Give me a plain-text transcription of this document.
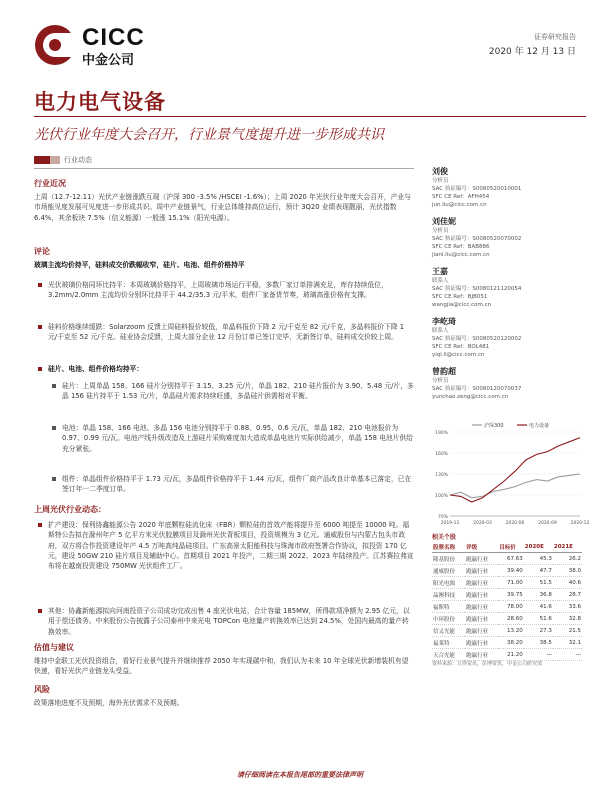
CICC
中金公司
证券研究报告
2020 年 12 月 13 日
电力电气设备
光伏行业年度大会召开，行业景气度提升进一步形成共识
行业动态
行业近况
上周（12.7-12.11）光伏产业链涨跌互现（沪深 300 -3.5% /HSCEI -1.6%）；上周 2020 年光伏行业年度大会召开，产业与市场能见度发展可见度进一步形成共识。周中产业链景气，行业总体维持高位运行，预计 3Q20 业绩表现靓丽，光伏指数 6.4%，其余板块 7.5%（信义能源）一般涨 15.1%（阳光电源）。
评论
玻璃主流均价持平，硅料成交价跌幅收窄，硅片、电池、组件价格持平
光伏玻璃价格同环比持平：本周玻璃价格持平，上周玻璃市场运行平稳，多数厂家订单排满充足，库存持续低位，3.2mm/2.0mm 主流均价分别环比持平于 44.2/35.3 元/平米，组件厂家备货节奏，玻璃高涨价格有支撑。
硅料价格继续缓跌：Solarzoom 反馈上周硅料报价较低，单晶料报价下降 2 元/千克至 82 元/千克，多晶料报价下降 1 元/千克至 52 元/千克。硅业协会反馈，上周大部分企业 12 月份订单已签订完毕，无新签订单，硅料成交价较上周。
硅片、电池、组件价格均持平：
硅片：上周单晶 158、166 硅片分别持平于 3.15、3.25 元/片，单晶 182、210 硅片报价为 3.90、5.48 元/片，多晶 156 硅片持平于 1.53 元/片，单晶硅片需求持续旺盛，多晶硅片供需相对平衡。
电池：单晶 158、166 电池、多晶 156 电池分别持平于 0.88、0.95、0.6 元/瓦，单晶 182、210 电池报价为 0.97、0.99 元/瓦。电池产线升级改造及上游硅片采购难度加大造成单晶电池片实际供给减少，单晶 158 电池片供给充分紧张。
组件：单晶组件价格持平于 1.73 元/瓦，多晶组件价格持平于 1.44 元/瓦，组件厂商产品改良计单基本已落定，已在签订年一二季度订单。
上周光伏行业动态：
扩产建设：保利协鑫能源公告 2020 年底颗粒硅流化床（FBR）颗粒硅的首效产能将提升至 6000 吨提至 10000 吨。福斯特公告拟在滁州年产 5 亿平方米光伏胶膜项目及滁州光伏背板项目，投资规模为 3 亿元。通威股份与内蒙古包头市政府，双方将合作投资建设年产 4.5 万吨高纯晶硅项目。广东高景太阳能科技与珠海市政府签署合作协议，拟投资 170 亿元，建设 50GW 210 硅片项目及辅助中心。首期项目 2021 年投产，二期三期 2022、2023 年陆续投产。江苏赛拉弗宣布将在越南投资建设 750MW 光伏组件工厂。
其他：协鑫新能源拟向河南投资子公司成功完成出售 4 座光伏电站，合计容量 185MW，所得款项净额为 2.95 亿元，以用于偿还债务。中来股份公告披露子公司泰州中来光电 TOPCon 电池量产转换效率已达到 24.5%，处国内最高的量产转换效率。
估值与建议
维持中金联工光伏投资组合，看好行业景气提升并继续推荐 2050 年实现碳中和，我们认为未来 10 年全球光伏新增装机有望快速，看好光伏产业链龙头受益。
风险
政策落地进度不及预期，海外光伏需求不及预期。
刘俊
分析员
SAC 执证编号：S0080520010001
SFC CE Ref：AFH454
jun.liu@cicc.com.cn
刘佳妮
分析员
SAC 执证编号：S0080520070002
SFC CE Ref：BAB886
jiani.liu@cicc.com.cn
王嘉
联系人
SAC 执证编号：S0080121120054
SFC CE Ref：BJB051
wangjia@cicc.com.cn
李屹琦
联系人
SAC 执证编号：S0080520120002
SFC CE Ref：BOL481
yiqi.li@cicc.com.cn
曾韵超
分析员
SAC 执证编号：S0080120070037
yunchao.zeng@cicc.com.cn
沪深300	电力设备
190%
160%
130%
100%
70%
2019-12	2020-03	2020-06	2020-09	2020-12
相关个股
股票名称	评级	目标价	2020E	2021E
隆基股份	跑赢行业	67.63	45.3	26.2
通威股份	跑赢行业	39.40	47.7	38.0
阳光电源	跑赢行业	71.00	51.5	40.6
晶澳科技	跑赢行业	39.75	36.8	28.7
福斯特	跑赢行业	78.00	41.6	33.6
中环股份	跑赢行业	28.60	51.6	32.8
信义光能	跑赢行业	13.20	27.3	21.5
福莱特	跑赢行业	38.20	38.5	32.1
天合光能	跑赢行业	21.20	—	—
资料来源：万得资讯，彭博资讯，中金公司研究部
请仔细阅读在本报告尾部的重要法律声明
